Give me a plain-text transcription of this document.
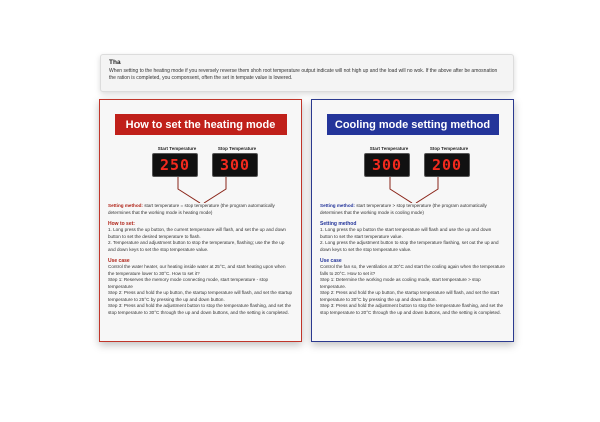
Tha
When setting to the heating mode if you reversely reverse them shoh root temperature output indicate will not high up and the load will no wok. If the above after be amosnation the ration is completed, you componsent, often the set in tempate value is lowered.
How to set the heating mode
Start Temperature
250
Stop Temperature
300
Setting method: start temperature = stop temperature (the program automatically determines that the working mode is heating mode)
How to set:
1. Long press the up button, the current temperature will flash, and set the up and down button to set the desired temperature to flash.
2. Temperature and adjustment button to stop the temperature, flashing; use the the up and down keys to set the stop temperature value.
Use case
Control the water heater, our heating inside water at 25°C, and start heating upon when the temperature lower to 30°C. How to set it?
Step 1: Reserves the memory mode connecting mode, start temperature - stop temperature
Step 2: Press and hold the up button, the startup temperature will flash, and set the startup temperature to 25°C by pressing the up and down button.
Step 3: Press and hold the adjustment button to stop the temperature flashing, and set the stop temperature to 30°C through the up and down buttons, and the setting is completed.
Cooling mode setting method
Start Temperature
300
Stop Temperature
200
Setting method: start temperature > stop temperature (the program automatically determines that the working mode is cooling mode)
Setting method
1. Long press the up button the start temperature will flash and use the up and down button to set the start temperature value.
2. Long press the adjustment button to stop the temperature flashing, set out the up and down keys to set the stop temperature value.
Use case
Control the fan so, the ventilation at 30°C and start the cooling again when the temperature falls to 20°C. How to set it?
Step 1: Determine the working mode as cooling mode, start temperature > stop temperature.
Step 2: Press and hold the up button, the startup temperature will flash, and set the start temperature to 30°C by pressing the up and down button.
Step 3: Press and hold the adjustment button to stop the temperature flashing, and set the stop temperature to 20°C through the up and down buttons, and the setting is completed.
